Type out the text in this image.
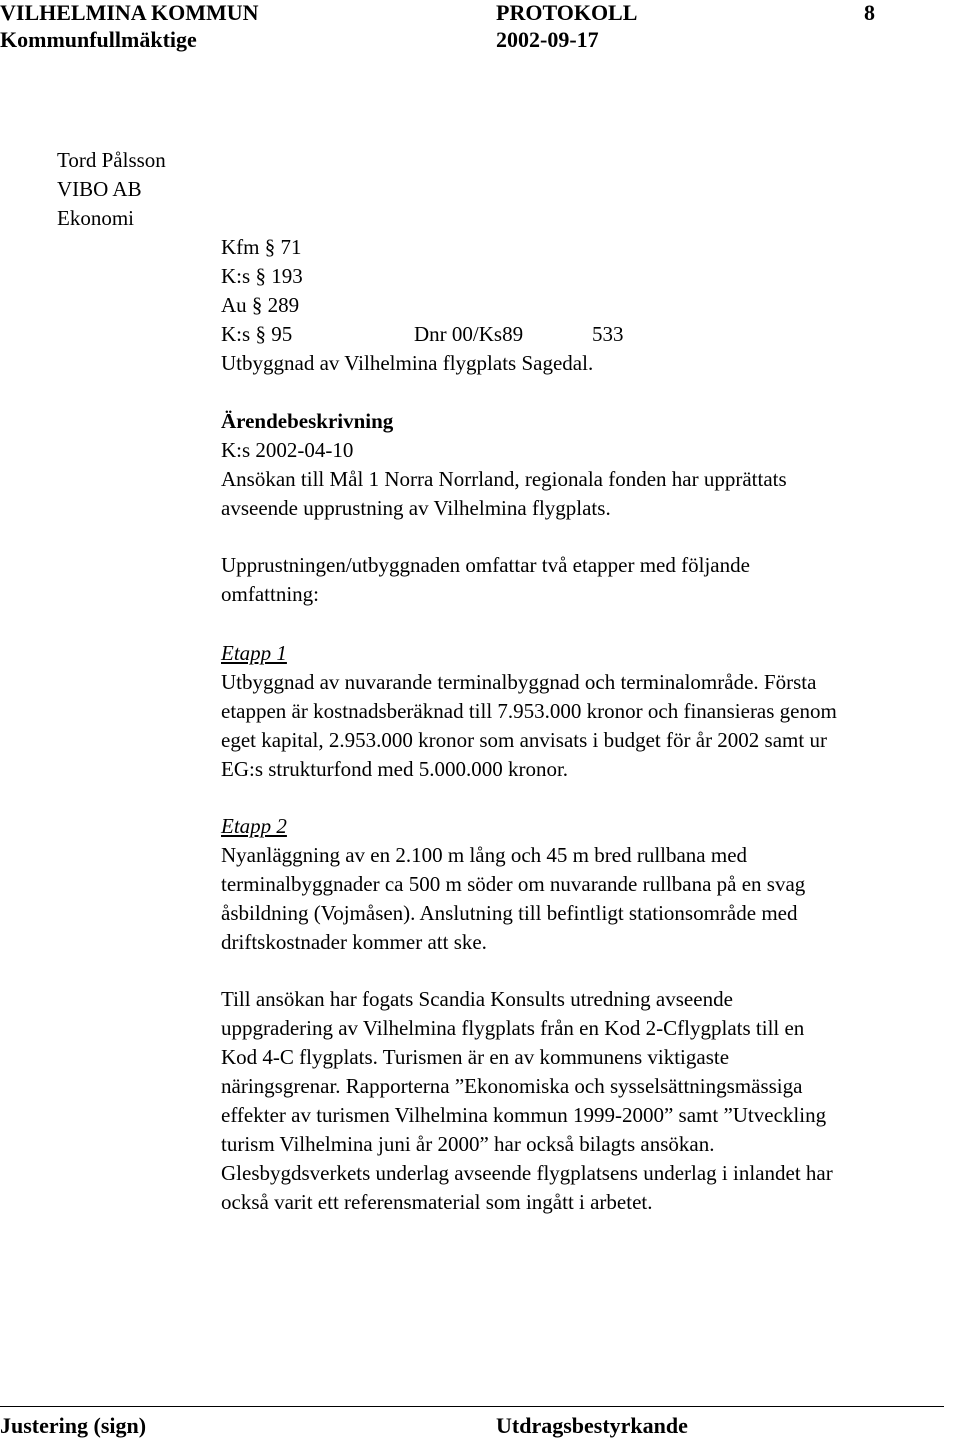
VILHELMINA KOMMUN	PROTOKOLL	8
Kommunfullmäktige	2002-09-17
Tord Pålsson
VIBO AB
Ekonomi
Kfm § 71
K:s § 193
Au § 289
K:s § 95	Dnr 00/Ks89	533
Utbyggnad av Vilhelmina flygplats Sagedal.
Ärendebeskrivning
K:s 2002-04-10
Ansökan till Mål 1 Norra Norrland, regionala fonden har upprättats
avseende upprustning av Vilhelmina flygplats.
Upprustningen/utbyggnaden omfattar två etapper med följande
omfattning:
Etapp 1
Utbyggnad av nuvarande terminalbyggnad och terminalområde. Första
etappen är kostnadsberäknad till 7.953.000 kronor och finansieras genom
eget kapital, 2.953.000 kronor som anvisats i budget för år 2002 samt ur
EG:s strukturfond med 5.000.000 kronor.
Etapp 2
Nyanläggning av en 2.100 m lång och 45 m bred rullbana med
terminalbyggnader ca 500 m söder om nuvarande rullbana på en svag
åsbildning (Vojmåsen). Anslutning till befintligt stationsområde med
driftskostnader kommer att ske.
Till ansökan har fogats Scandia Konsults utredning avseende
uppgradering av Vilhelmina flygplats från en Kod 2-Cflygplats till en
Kod 4-C flygplats. Turismen är en av kommunens viktigaste
näringsgrenar. Rapporterna ”Ekonomiska och sysselsättningsmässiga
effekter av turismen Vilhelmina kommun 1999-2000” samt ”Utveckling
turism Vilhelmina juni år 2000” har också bilagts ansökan.
Glesbygdsverkets underlag avseende flygplatsens underlag i inlandet har
också varit ett referensmaterial som ingått i arbetet.
Justering (sign)	Utdragsbestyrkande
